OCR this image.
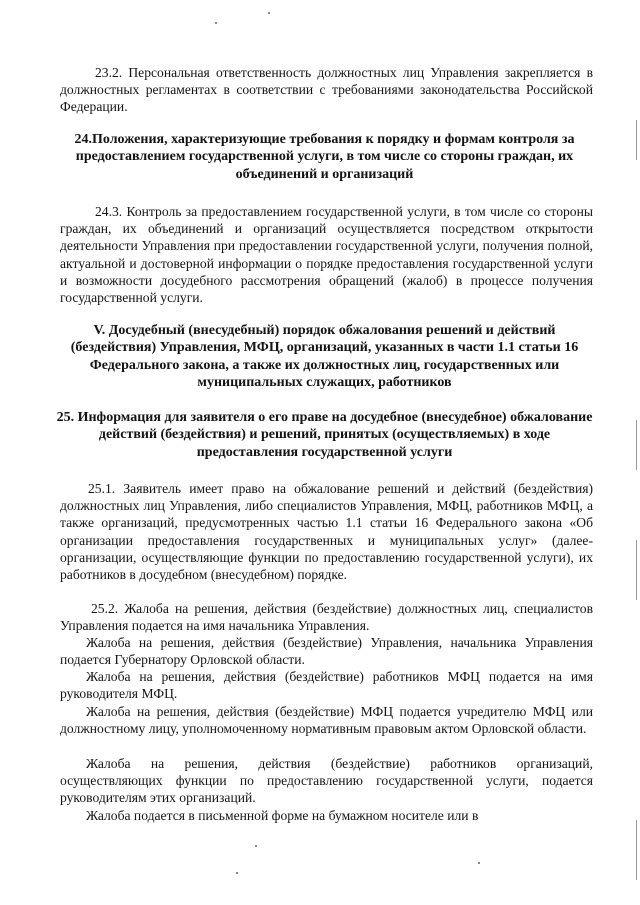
23.2. Персональная ответственность должностных лиц Управления закрепляется в должностных регламентах в соответствии с требованиями законодательства Российской Федерации.

24.Положения, характеризующие требования к порядку и формам контроля за предоставлением государственной услуги, в том числе со стороны граждан, их объединений и организаций

24.3. Контроль за предоставлением государственной услуги, в том числе со стороны граждан, их объединений и организаций осуществляется посредством открытости деятельности Управления при предоставлении государственной услуги, получения полной, актуальной и достоверной информации о порядке предоставления государственной услуги и возможности досудебного рассмотрения обращений (жалоб) в процессе получения государственной услуги.

V. Досудебный (внесудебный) порядок обжалования решений и действий (бездействия) Управления, МФЦ, организаций, указанных в части 1.1 статьи 16 Федерального закона, а также их должностных лиц, государственных или муниципальных служащих, работников

25. Информация для заявителя о его праве на досудебное (внесудебное) обжалование действий (бездействия) и решений, принятых (осуществляемых) в ходе предоставления государственной услуги

25.1. Заявитель имеет право на обжалование решений и действий (бездействия) должностных лиц Управления, либо специалистов Управления, МФЦ, работников МФЦ, а также организаций, предусмотренных частью 1.1 статьи 16 Федерального закона «Об организации предоставления государственных и муниципальных услуг» (далее-организации, осуществляющие функции по предоставлению государственной услуги), их работников в досудебном (внесудебном) порядке.

25.2. Жалоба на решения, действия (бездействие) должностных лиц, специалистов Управления подается на имя начальника Управления.

Жалоба на решения, действия (бездействие) Управления, начальника Управления подается Губернатору Орловской области.

Жалоба на решения, действия (бездействие) работников МФЦ подается на имя руководителя МФЦ.

Жалоба на решения, действия (бездействие) МФЦ подается учредителю МФЦ или должностному лицу, уполномоченному нормативным правовым актом Орловской области.

Жалоба на решения, действия (бездействие) работников организаций, осуществляющих функции по предоставлению государственной услуги, подается руководителям этих организаций.

Жалоба подается в письменной форме на бумажном носителе или в
